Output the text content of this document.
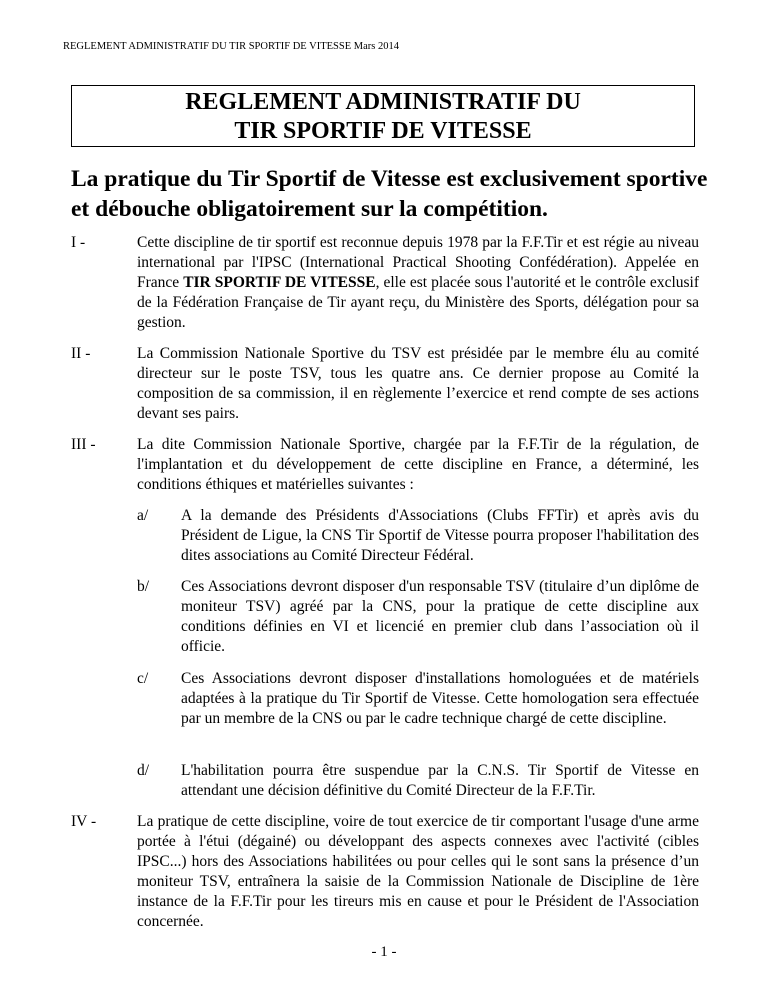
REGLEMENT ADMINISTRATIF DU TIR SPORTIF DE VITESSE Mars 2014
REGLEMENT ADMINISTRATIF DU
TIR SPORTIF DE VITESSE
La pratique du Tir Sportif de Vitesse est exclusivement sportive et débouche obligatoirement sur la compétition.
I -	Cette discipline de tir sportif est reconnue depuis 1978 par la F.F.Tir et est régie au niveau international par l'IPSC (International Practical Shooting Confédération). Appelée en France TIR SPORTIF DE VITESSE, elle est placée sous l'autorité et le contrôle exclusif de la Fédération Française de Tir ayant reçu, du Ministère des Sports, délégation pour sa gestion.
II -	La Commission Nationale Sportive du TSV est présidée par le membre élu au comité directeur sur le poste TSV, tous les quatre ans. Ce dernier propose au Comité la composition de sa commission, il en règlemente l’exercice et rend compte de ses actions devant ses pairs.
III -	La dite Commission Nationale Sportive, chargée par la F.F.Tir de la régulation, de l'implantation et du développement de cette discipline en France, a déterminé, les conditions éthiques et matérielles suivantes :
a/ A la demande des Présidents d'Associations (Clubs FFTir) et après avis du Président de Ligue, la CNS Tir Sportif de Vitesse pourra proposer l'habilitation des dites associations au Comité Directeur Fédéral.
b/ Ces Associations devront disposer d'un responsable TSV (titulaire d’un diplôme de moniteur TSV) agréé par la CNS, pour la pratique de cette discipline aux conditions définies en VI et licencié en premier club dans l’association où il officie.
c/ Ces Associations devront disposer d'installations homologuées et de matériels adaptées à la pratique du Tir Sportif de Vitesse. Cette homologation sera effectuée par un membre de la CNS ou par le cadre technique chargé de cette discipline.
d/ L'habilitation pourra être suspendue par la C.N.S. Tir Sportif de Vitesse en attendant une décision définitive du Comité Directeur de la F.F.Tir.
IV -	La pratique de cette discipline, voire de tout exercice de tir comportant l'usage d'une arme portée à l'étui (dégainé) ou développant des aspects connexes avec l'activité (cibles IPSC...) hors des Associations habilitées ou pour celles qui le sont sans la présence d’un moniteur TSV, entraînera la saisie de la Commission Nationale de Discipline de 1ère instance de la F.F.Tir pour les tireurs mis en cause et pour le Président de l'Association concernée.
- 1 -
